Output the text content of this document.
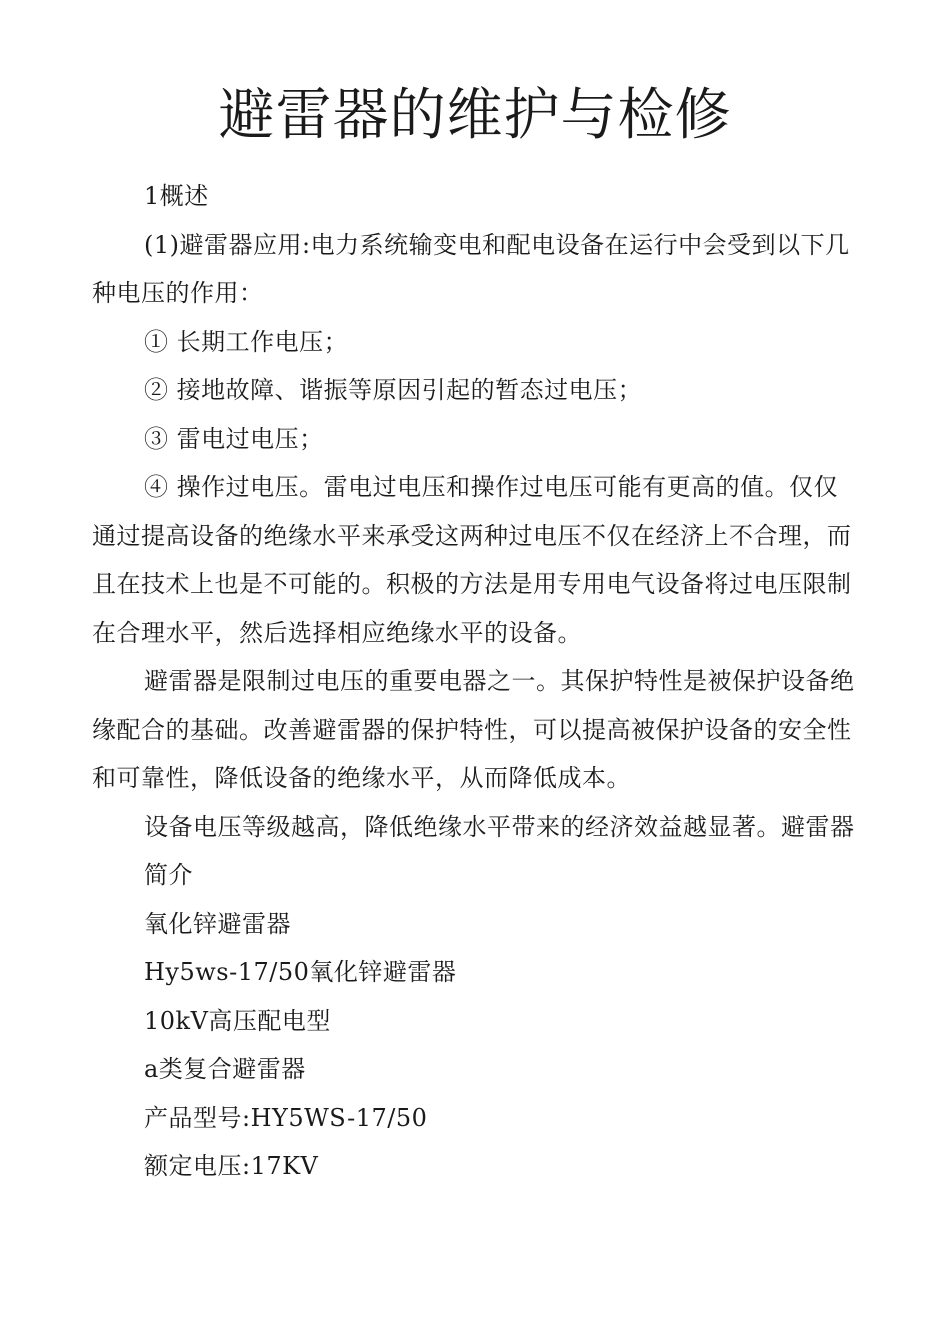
避雷器的维护与检修

1概述

(1)避雷器应用:电力系统输变电和配电设备在运行中会受到以下几种电压的作用：

① 长期工作电压；

② 接地故障、谐振等原因引起的暂态过电压；

③ 雷电过电压；

④ 操作过电压。雷电过电压和操作过电压可能有更高的值。仅仅通过提高设备的绝缘水平来承受这两种过电压不仅在经济上不合理，而且在技术上也是不可能的。积极的方法是用专用电气设备将过电压限制在合理水平，然后选择相应绝缘水平的设备。

避雷器是限制过电压的重要电器之一。其保护特性是被保护设备绝缘配合的基础。改善避雷器的保护特性，可以提高被保护设备的安全性和可靠性，降低设备的绝缘水平，从而降低成本。

设备电压等级越高，降低绝缘水平带来的经济效益越显著。避雷器简介

氧化锌避雷器

Hy5ws-17/50氧化锌避雷器

10kV高压配电型

a类复合避雷器

产品型号:HY5WS-17/50

额定电压:17KV
